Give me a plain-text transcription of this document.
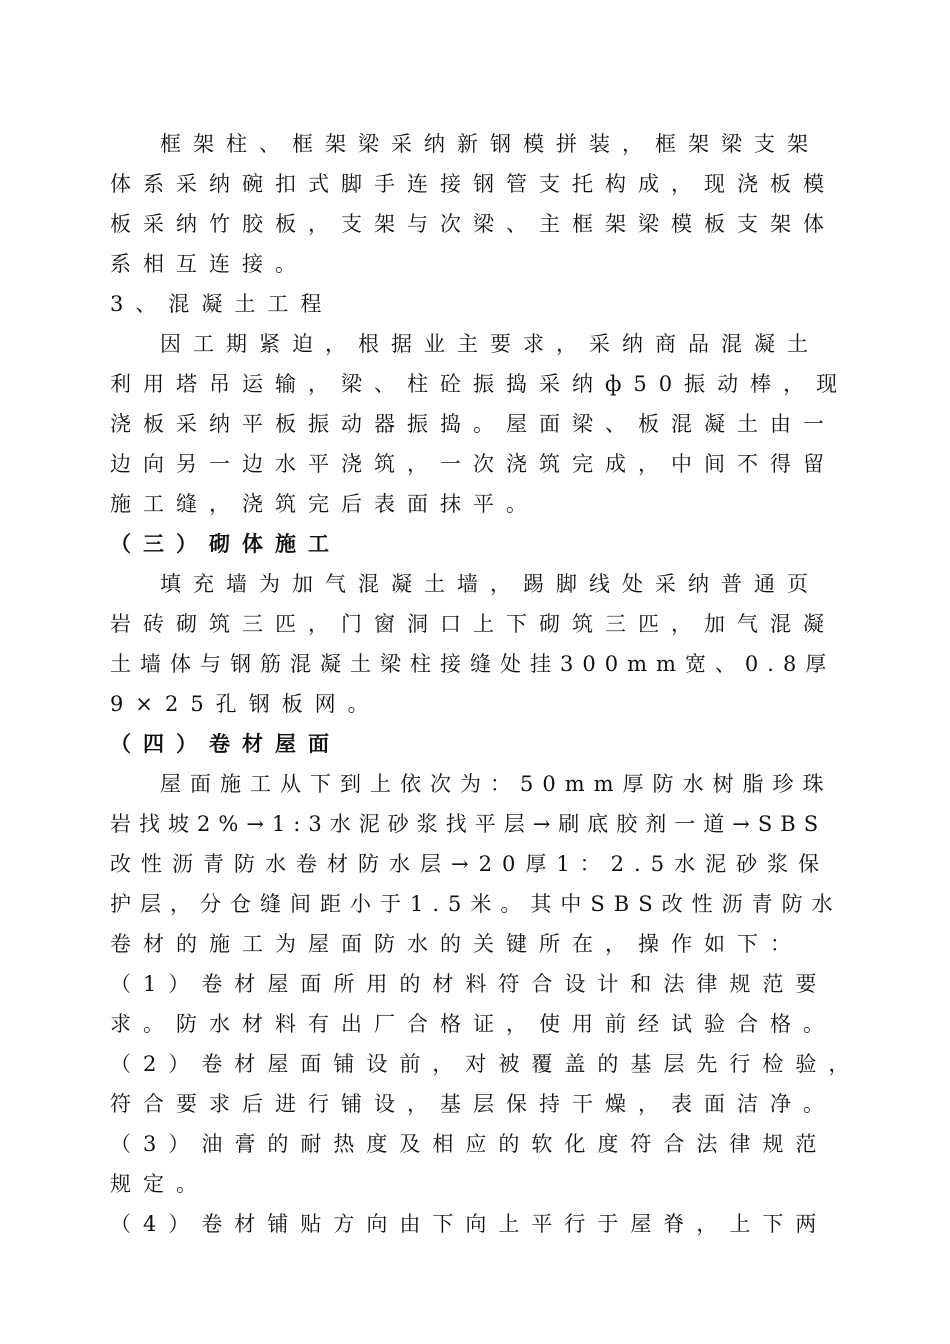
框架柱、框架梁采纳新钢模拼装，框架梁支架
体系采纳碗扣式脚手连接钢管支托构成，现浇板模
板采纳竹胶板，支架与次梁、主框架梁模板支架体
系相互连接。
3、混凝土工程
因工期紧迫，根据业主要求，采纳商品混凝土
利用塔吊运输，梁、柱砼振捣采纳ф50振动棒，现
浇板采纳平板振动器振捣。屋面梁、板混凝土由一
边向另一边水平浇筑，一次浇筑完成，中间不得留
施工缝，浇筑完后表面抹平。
（三）砌体施工
填充墙为加气混凝土墙，踢脚线处采纳普通页
岩砖砌筑三匹，门窗洞口上下砌筑三匹，加气混凝
土墙体与钢筋混凝土梁柱接缝处挂300mm宽、0.8厚
9×25孔钢板网。
（四）卷材屋面
屋面施工从下到上依次为：50mm厚防水树脂珍珠
岩找坡2%→1:3水泥砂浆找平层→刷底胶剂一道→SBS
改性沥青防水卷材防水层→20厚1：2.5水泥砂浆保
护层，分仓缝间距小于1.5米。其中SBS改性沥青防水
卷材的施工为屋面防水的关键所在，操作如下：
（1）卷材屋面所用的材料符合设计和法律规范要
求。防水材料有出厂合格证，使用前经试验合格。
（2）卷材屋面铺设前，对被覆盖的基层先行检验，
符合要求后进行铺设，基层保持干燥，表面洁净。
（3）油膏的耐热度及相应的软化度符合法律规范
规定。
（4）卷材铺贴方向由下向上平行于屋脊，上下两
